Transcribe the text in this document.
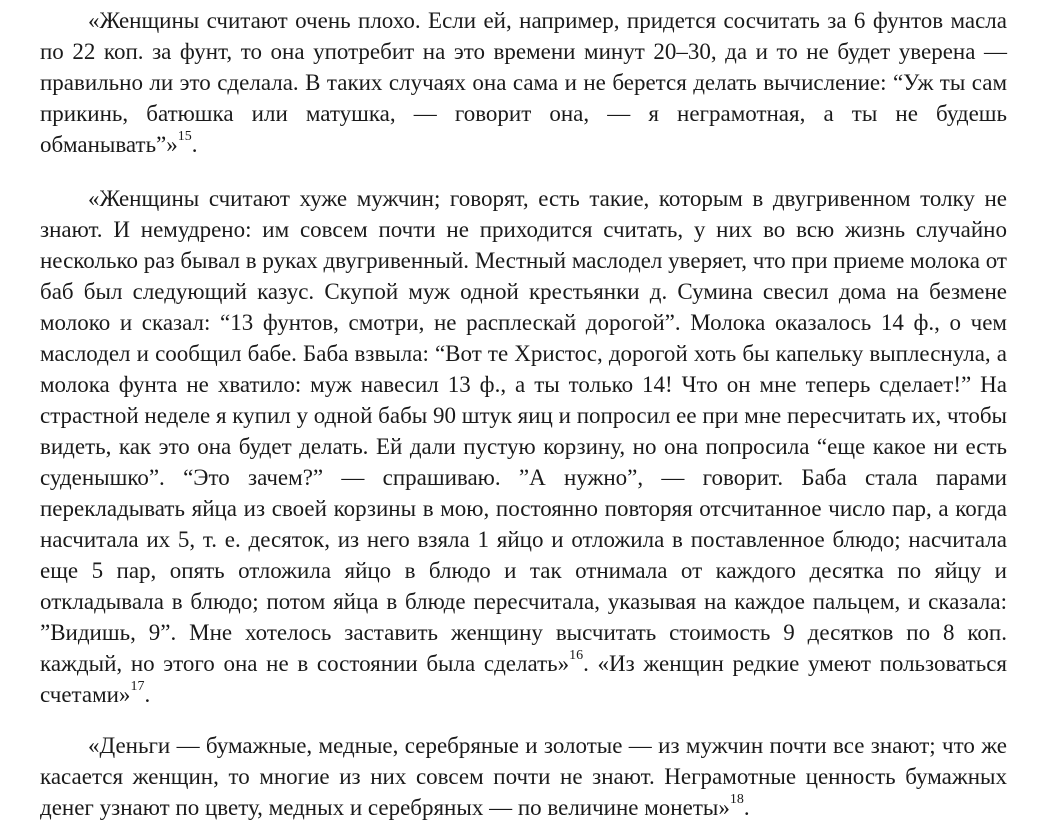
«Женщины считают очень плохо. Если ей, например, придется сосчитать за 6 фунтов масла по 22 коп. за фунт, то она употребит на это времени минут 20–30, да и то не будет уверена — правильно ли это сделала. В таких случаях она сама и не берется делать вычисление: “Уж ты сам прикинь, батюшка или матушка, — говорит она, — я неграмотная, а ты не будешь обманывать”»$^{15}$.

«Женщины считают хуже мужчин; говорят, есть такие, которым в двугривенном толку не знают. И немудрено: им совсем почти не приходится считать, у них во всю жизнь случайно несколько раз бывал в руках двугривенный. Местный маслодел уверяет, что при приеме молока от баб был следующий казус. Скупой муж одной крестьянки д. Сумина свесил дома на безмене молоко и сказал: “13 фунтов, смотри, не расплескай дорогой”. Молока оказалось 14 ф., о чем маслодел и сообщил бабе. Баба взвыла: “Вот те Христос, дорогой хоть бы капельку выплеснула, а молока фунта не хватило: муж навесил 13 ф., а ты только 14! Что он мне теперь сделает!” На страстной неделе я купил у одной бабы 90 штук яиц и попросил ее при мне пересчитать их, чтобы видеть, как это она будет делать. Ей дали пустую корзину, но она попросила “еще какое ни есть суденышко”. “Это зачем?” — спрашиваю. ”А нужно”, — говорит. Баба стала парами перекладывать яйца из своей корзины в мою, постоянно повторяя отсчитанное число пар, а когда насчитала их 5, т. е. десяток, из него взяла 1 яйцо и отложила в поставленное блюдо; насчитала еще 5 пар, опять отложила яйцо в блюдо и так отнимала от каждого десятка по яйцу и откладывала в блюдо; потом яйца в блюде пересчитала, указывая на каждое пальцем, и сказала: ”Видишь, 9”. Мне хотелось заставить женщину высчитать стоимость 9 десятков по 8 коп. каждый, но этого она не в состоянии была сделать»$^{16}$. «Из женщин редкие умеют пользоваться счетами»$^{17}$.

«Деньги — бумажные, медные, серебряные и золотые — из мужчин почти все знают; что же касается женщин, то многие из них совсем почти не знают. Неграмотные ценность бумажных денег узнают по цвету, медных и серебряных — по величине монеты»$^{18}$.
